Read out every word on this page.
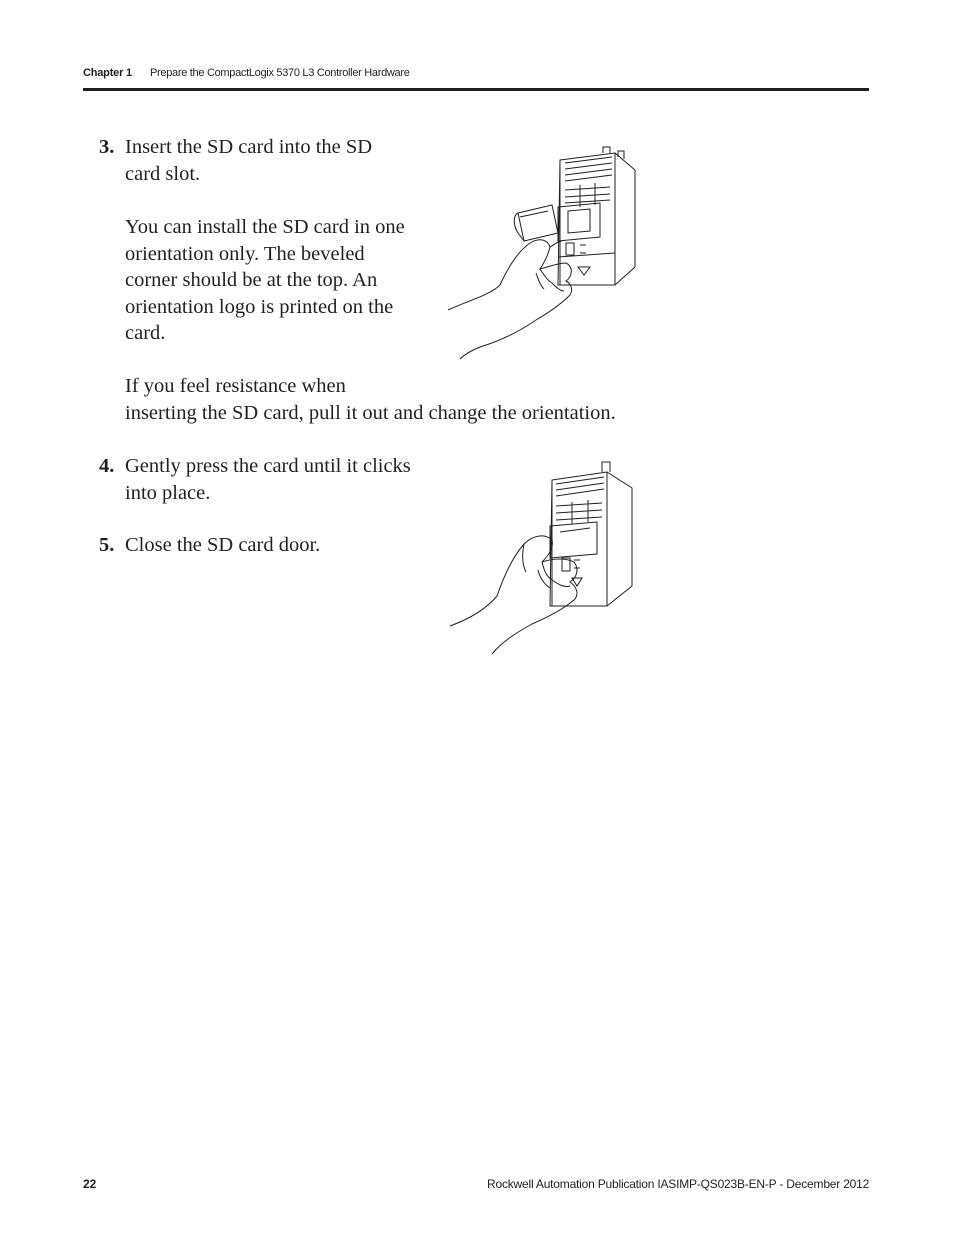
Chapter 1 Prepare the CompactLogix 5370 L3 Controller Hardware
3. Insert the SD card into the SD
card slot.
You can install the SD card in one
orientation only. The beveled
corner should be at the top. An
orientation logo is printed on the
card.
If you feel resistance when
inserting the SD card, pull it out and change the orientation.
4. Gently press the card until it clicks
into place.
5. Close the SD card door.
22	Rockwell Automation Publication IASIMP-QS023B-EN-P - December 2012
